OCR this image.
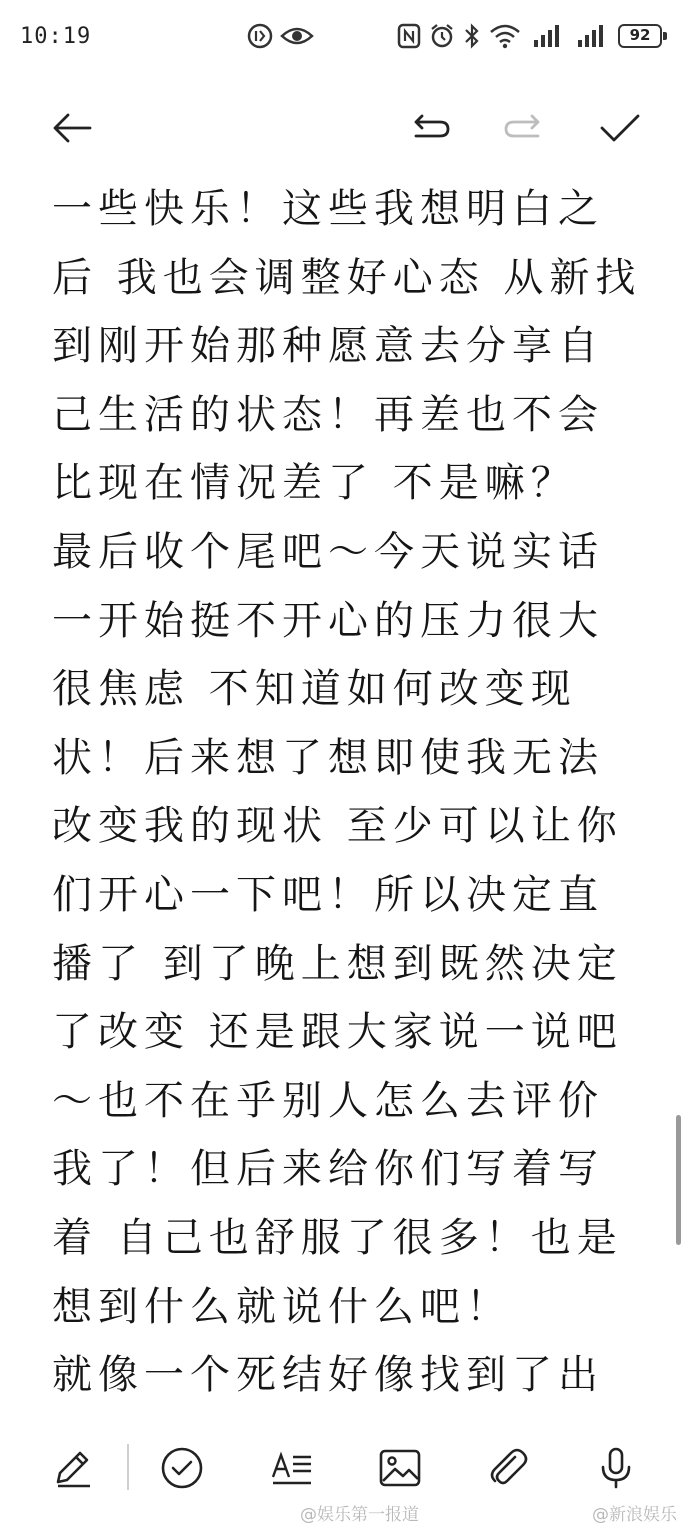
10:19	92
一些快乐！这些我想明白之
后 我也会调整好心态 从新找
到刚开始那种愿意去分享自
己生活的状态！再差也不会
比现在情况差了 不是嘛？
最后收个尾吧～今天说实话
一开始挺不开心的压力很大
很焦虑 不知道如何改变现
状！后来想了想即使我无法
改变我的现状 至少可以让你
们开心一下吧！所以决定直
播了 到了晚上想到既然决定
了改变 还是跟大家说一说吧
～也不在乎别人怎么去评价
我了！但后来给你们写着写
着 自己也舒服了很多！也是
想到什么就说什么吧！
就像一个死结好像找到了出
@娱乐第一报道	@新浪娱乐
